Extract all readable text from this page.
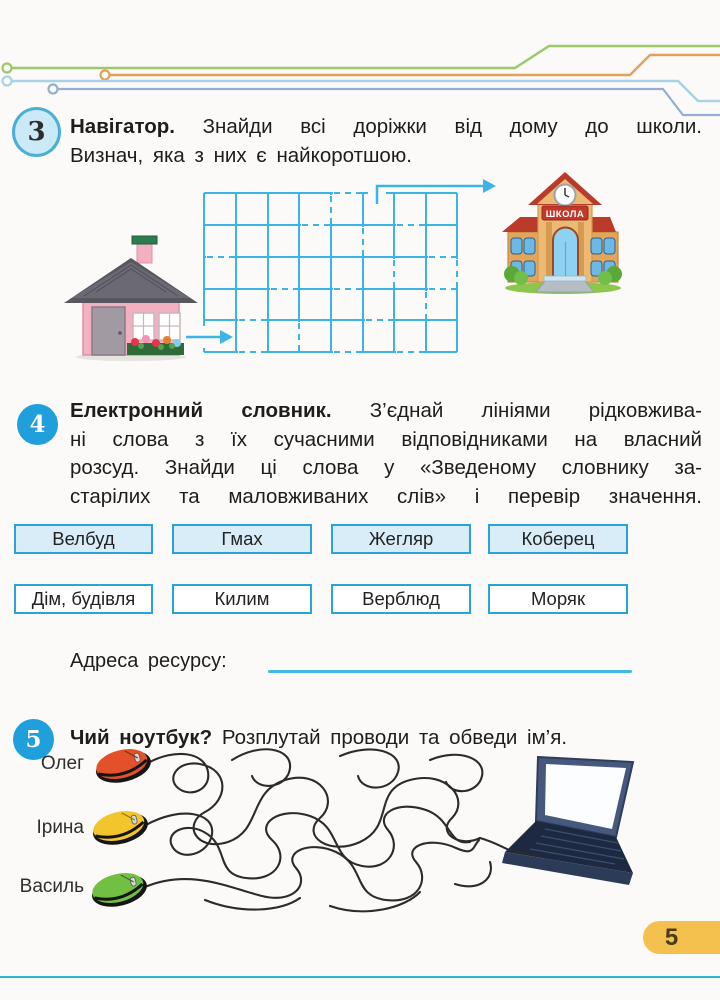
3	Навігатор. Знайди всі доріжки від дому до школи.
Визнач, яка з них є найкоротшою.
ШКОЛА
4
Електронний словник. З’єднай лініями рідковжива-
ні слова з їх сучасними відповідниками на власний
розсуд. Знайди ці слова у «Зведеному словнику за-
старілих та маловживаних слів» і перевір значення.
Велбуд	Гмах	Жегляр	Коберец
Дім, будівля	Килим	Верблюд	Моряк
Адреса ресурсу:
5	Чий ноутбук? Розплутай проводи та обведи ім’я.
Олег
Ірина
Василь
5
